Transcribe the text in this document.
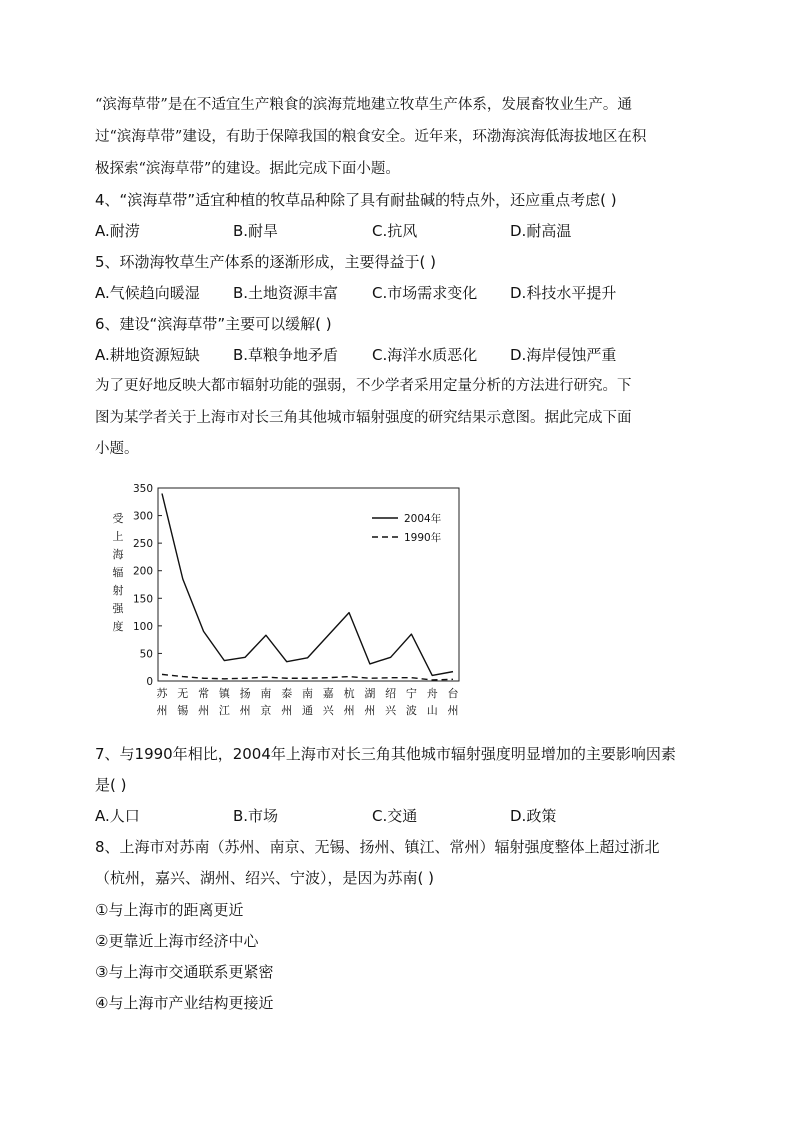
“滨海草带”是在不适宜生产粮食的滨海荒地建立牧草生产体系，发展畜牧业生产。通
过“滨海草带”建设，有助于保障我国的粮食安全。近年来，环渤海滨海低海拔地区在积
极探索“滨海草带”的建设。据此完成下面小题。
4、“滨海草带”适宜种植的牧草品种除了具有耐盐碱的特点外，还应重点考虑( )
A.耐涝	B.耐旱	C.抗风	D.耐高温
5、环渤海牧草生产体系的逐渐形成，主要得益于( )
A.气候趋向暖湿 B.土地资源丰富 C.市场需求变化 D.科技水平提升
6、建设“滨海草带”主要可以缓解( )
A.耕地资源短缺 B.草粮争地矛盾 C.海洋水质恶化 D.海岸侵蚀严重
为了更好地反映大都市辐射功能的强弱，不少学者采用定量分析的方法进行研究。下
图为某学者关于上海市对长三角其他城市辐射强度的研究结果示意图。据此完成下面
小题。
0
50
100
150
200
250
300
350
受
上
海
辐
射
强
度
苏
州
无
锡
常
州
镇
江
扬
州
南
京
泰
州
南
通
嘉
兴
杭
州
湖
州
绍
兴
宁
波
舟
山
台
州
2004年
1990年
7、与1990年相比，2004年上海市对长三角其他城市辐射强度明显增加的主要影响因素
是( )
A.人口	B.市场	C.交通	D.政策
8、上海市对苏南（苏州、南京、无锡、扬州、镇江、常州）辐射强度整体上超过浙北
（杭州，嘉兴、湖州、绍兴、宁波），是因为苏南( )
①与上海市的距离更近
②更靠近上海市经济中心
③与上海市交通联系更紧密
④与上海市产业结构更接近
